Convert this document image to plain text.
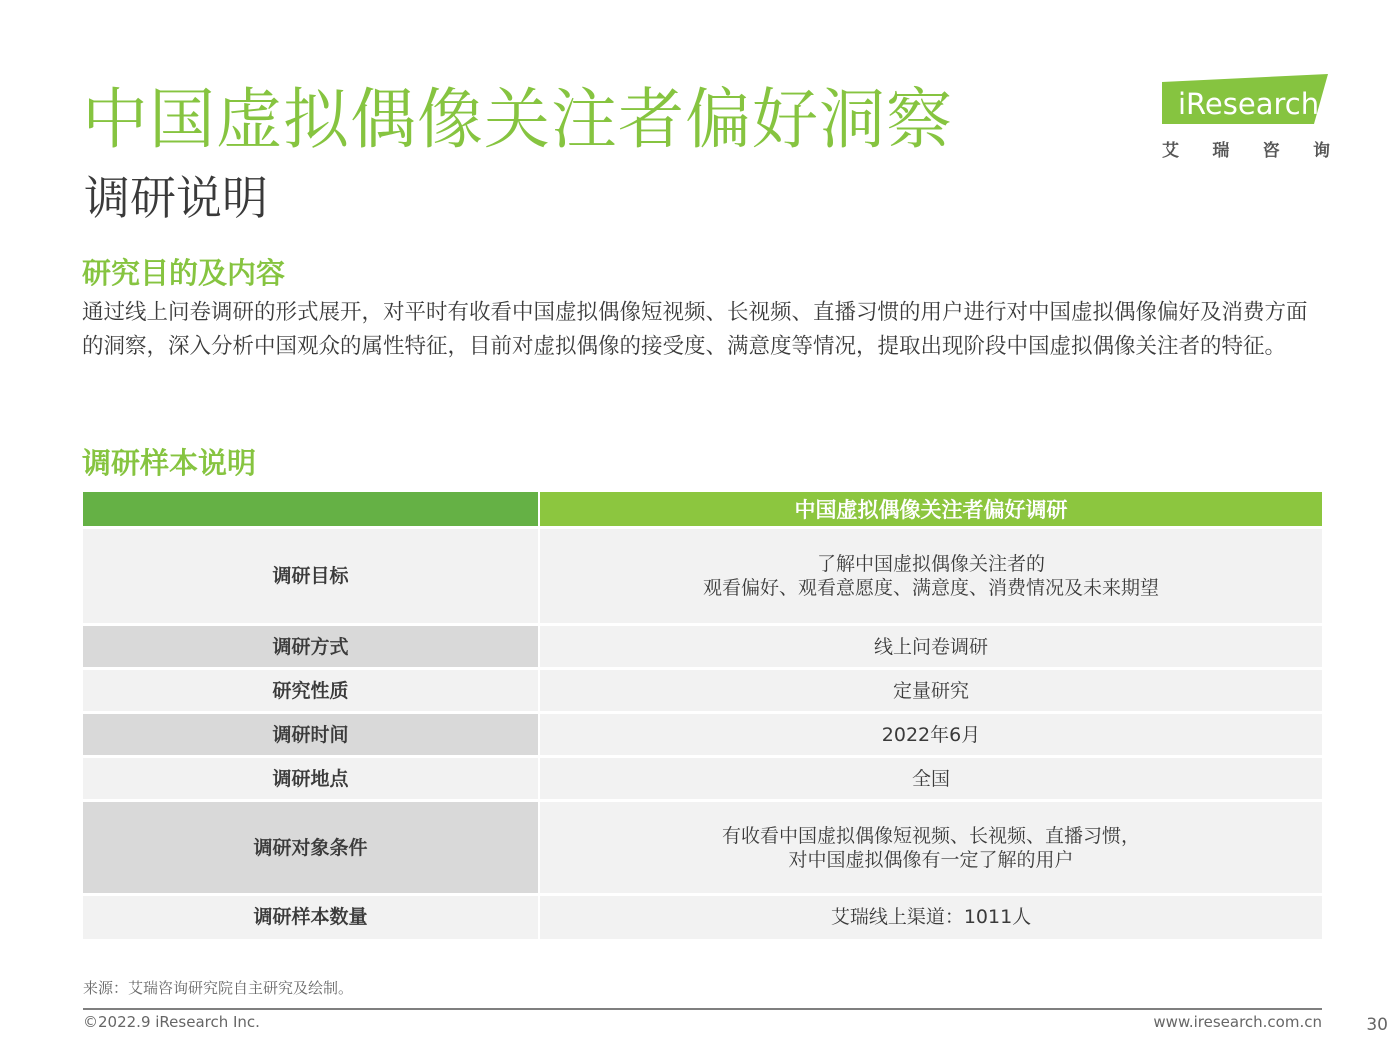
中国虚拟偶像关注者偏好洞察
调研说明
iResearch
艾 瑞 咨 询
研究目的及内容
通过线上问卷调研的形式展开，对平时有收看中国虚拟偶像短视频、长视频、直播习惯的用户进行对中国虚拟偶像偏好及消费方面的洞察，深入分析中国观众的属性特征，目前对虚拟偶像的接受度、满意度等情况，提取出现阶段中国虚拟偶像关注者的特征。
调研样本说明
	中国虚拟偶像关注者偏好调研
调研目标	了解中国虚拟偶像关注者的
观看偏好、观看意愿度、满意度、消费情况及未来期望

调研方式	线上问卷调研
研究性质	定量研究
调研时间	2022年6月
调研地点	全国
调研对象条件	有收看中国虚拟偶像短视频、长视频、直播习惯，
对中国虚拟偶像有一定了解的用户

调研样本数量	艾瑞线上渠道：1011人
来源：艾瑞咨询研究院自主研究及绘制。
©2022.9 iResearch Inc.	www.iresearch.com.cn	30
